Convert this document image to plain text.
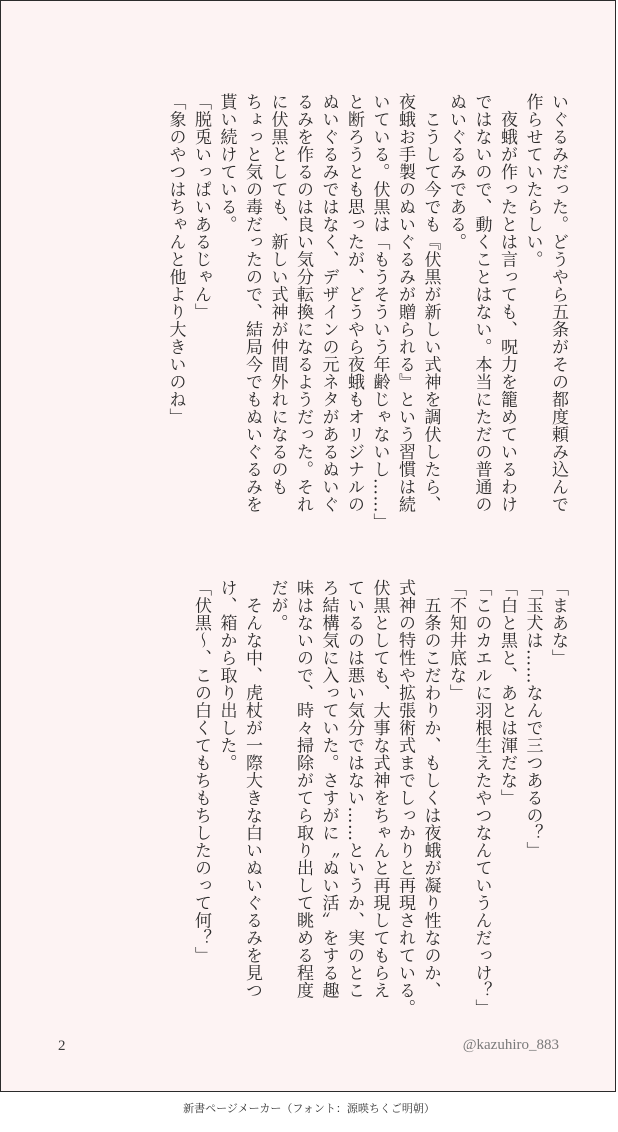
いぐるみだった。どうやら五条がその都度頼み込んで
作らせていたらしい。
　夜蛾が作ったとは言っても、呪力を籠めているわけ
ではないので、動くことはない。本当にただの普通の
ぬいぐるみである。
　こうして今でも『伏黒が新しい式神を調伏したら、
夜蛾お手製のぬいぐるみが贈られる』という習慣は続
いている。伏黒は「もうそういう年齢じゃないし……」
と断ろうとも思ったが、どうやら夜蛾もオリジナルの
ぬいぐるみではなく、デザインの元ネタがあるぬいぐ
るみを作るのは良い気分転換になるようだった。それ
に伏黒としても、新しい式神が仲間外れになるのも
ちょっと気の毒だったので、結局今でもぬいぐるみを
貰い続けている。
「脱兎いっぱいあるじゃん」
「象のやつはちゃんと他より大きいのね」
「まあな」
「玉犬は……なんで三つあるの？」
「白と黒と、あとは渾だな」
「このカエルに羽根生えたやつなんていうんだっけ？」
「不知井底な」
　五条のこだわりか、もしくは夜蛾が凝り性なのか、
式神の特性や拡張術式までしっかりと再現されている。
伏黒としても、大事な式神をちゃんと再現してもらえ
ているのは悪い気分ではない……というか、実のとこ
ろ結構気に入っていた。さすがに〝ぬい活〟をする趣
味はないので、時々掃除がてら取り出して眺める程度
だが。
　そんな中、虎杖が一際大きな白いぬいぐるみを見つ
け、箱から取り出した。
「伏黒〜、この白くてもちもちしたのって何？」
2	@kazuhiro_883
新書ページメーカー（フォント：源暎ちくご明朝）
